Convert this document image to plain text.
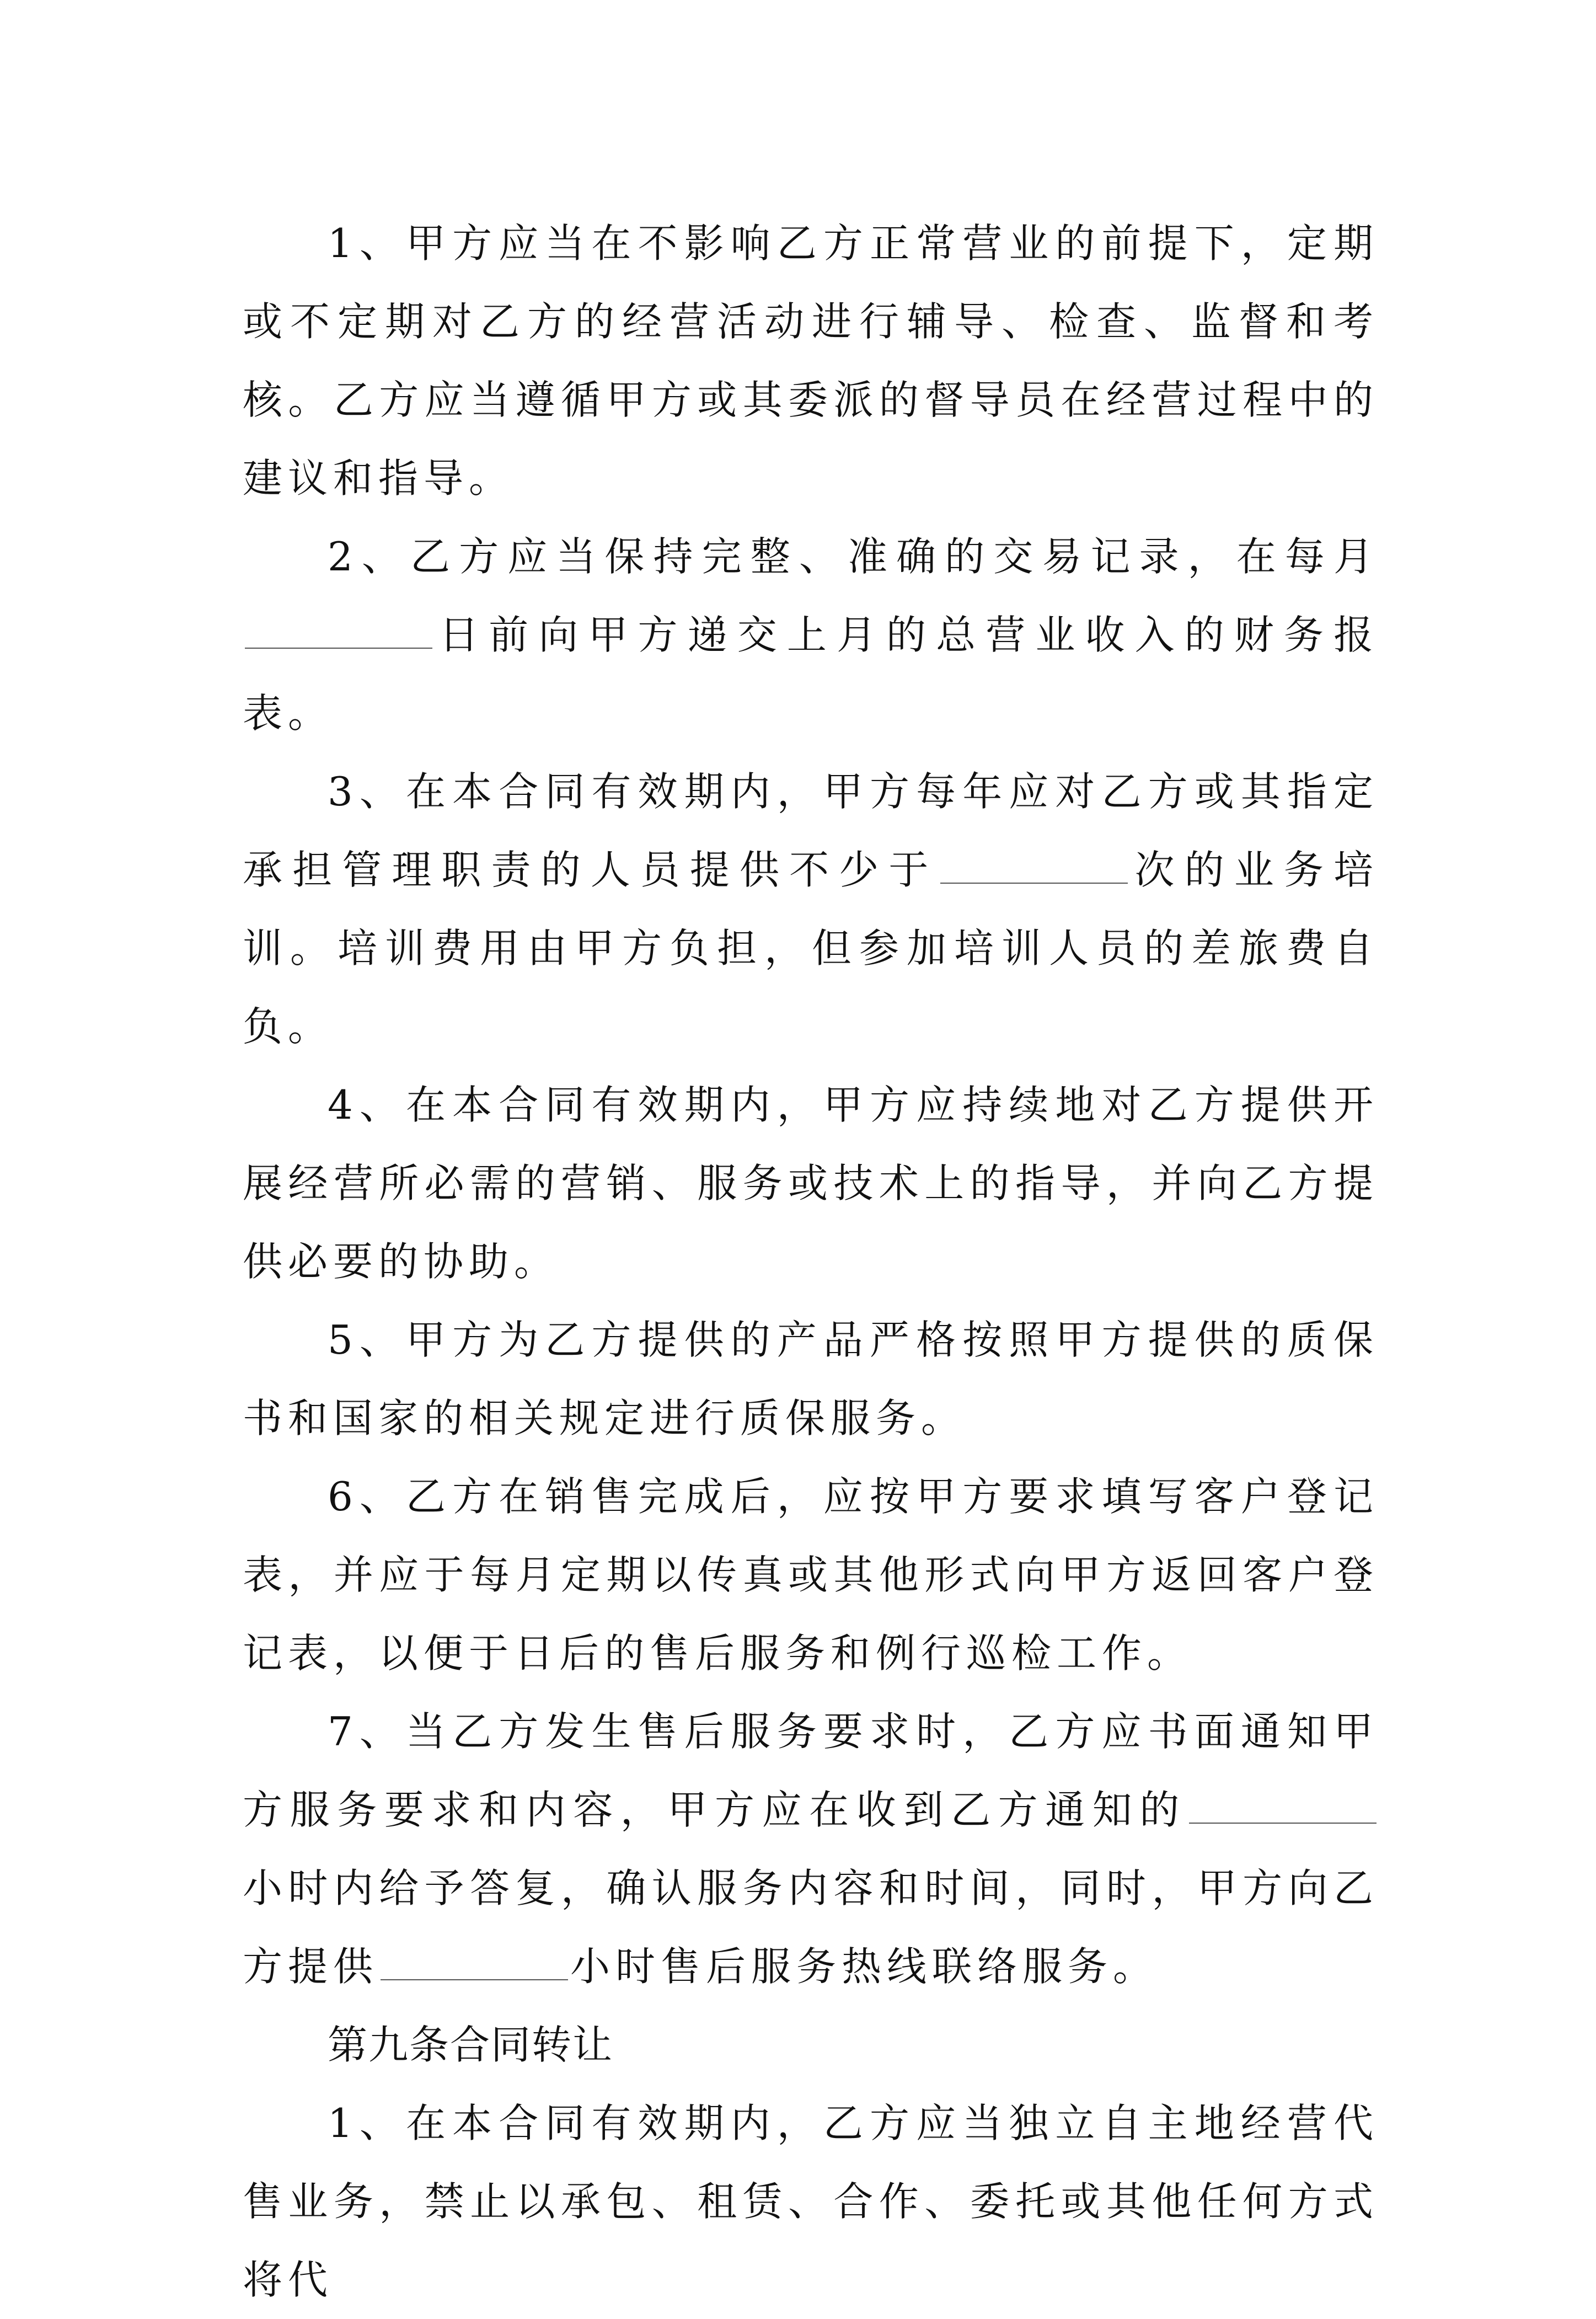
1、甲方应当在不影响乙方正常营业的前提下，定期或不定期对乙方的经营活动进行辅导、检查、监督和考核。乙方应当遵循甲方或其委派的督导员在经营过程中的建议和指导。

2、乙方应当保持完整、准确的交易记录，在每月日前向甲方递交上月的总营业收入的财务报表。

3、在本合同有效期内，甲方每年应对乙方或其指定承担管理职责的人员提供不少于	次的业务培训。培训费用由甲方负担，但参加培训人员的差旅费自负。

4、在本合同有效期内，甲方应持续地对乙方提供开展经营所必需的营销、服务或技术上的指导，并向乙方提供必要的协助。

5、甲方为乙方提供的产品严格按照甲方提供的质保书和国家的相关规定进行质保服务。

6、乙方在销售完成后，应按甲方要求填写客户登记表，并应于每月定期以传真或其他形式向甲方返回客户登记表，以便于日后的售后服务和例行巡检工作。

7、当乙方发生售后服务要求时，乙方应书面通知甲方服务要求和内容，甲方应在收到乙方通知的小时内给予答复，确认服务内容和时间，同时，甲方向乙方提供	小时售后服务热线联络服务。

第九条合同转让

1、在本合同有效期内，乙方应当独立自主地经营代售业务，禁止以承包、租赁、合作、委托或其他任何方式将代
